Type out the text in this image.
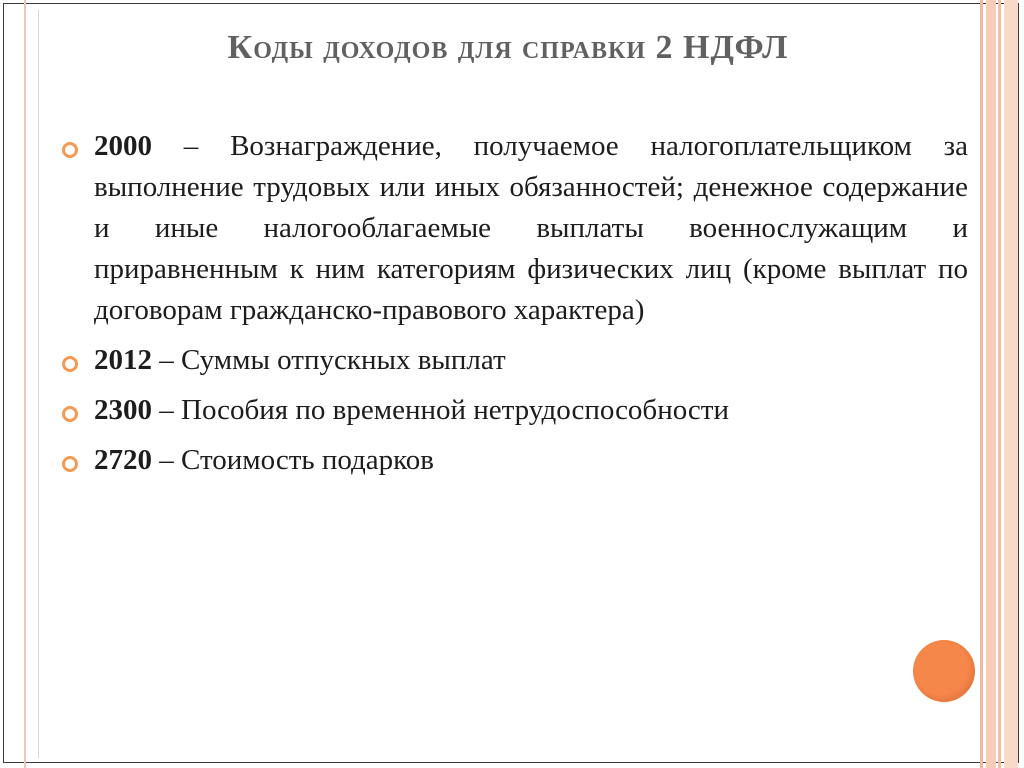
Коды доходов для справки 2 НДФЛ
2000 – Вознаграждение, получаемое налогоплательщиком за выполнение трудовых или иных обязанностей; денежное содержание и иные налогооблагаемые выплаты военнослужащим и приравненным к ним категориям физических лиц (кроме выплат по договорам гражданско-правового характера)
2012 – Суммы отпускных выплат
2300 – Пособия по временной нетрудоспособности
2720 – Стоимость подарков
